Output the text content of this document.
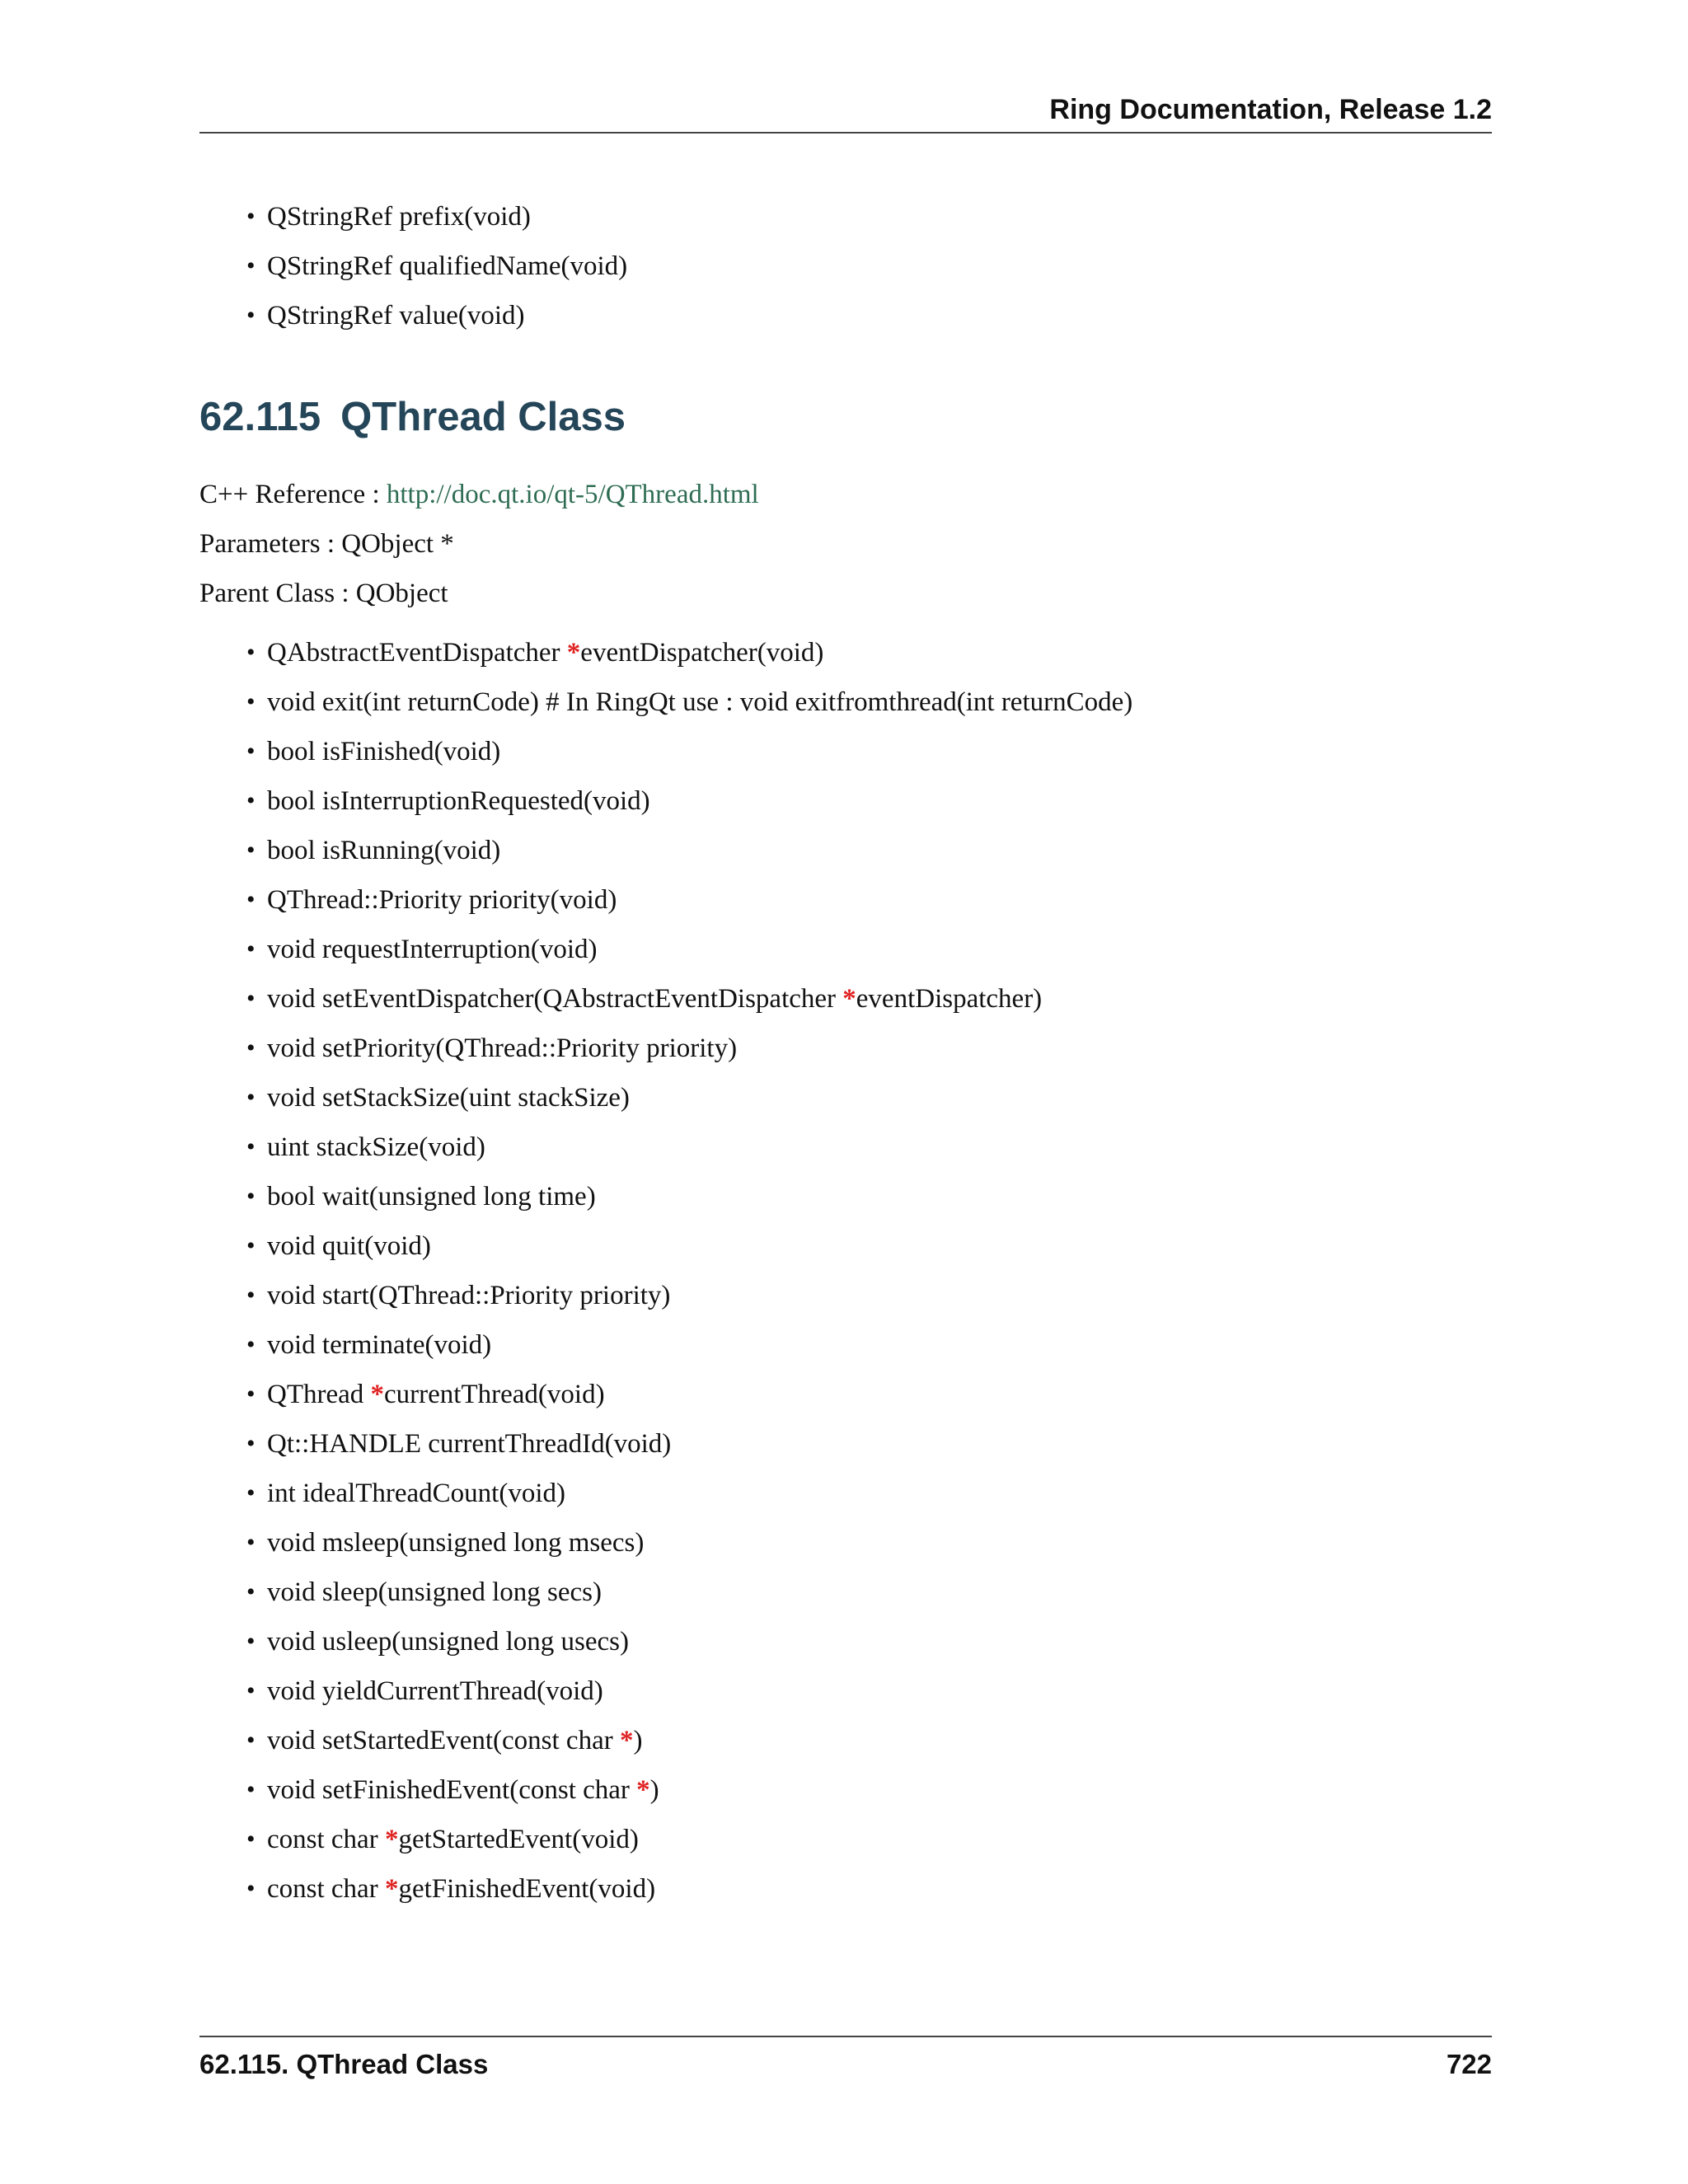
Ring Documentation, Release 1.2
• QStringRef prefix(void)
• QStringRef qualifiedName(void)
• QStringRef value(void)
62.115 QThread Class
C++ Reference : http://doc.qt.io/qt-5/QThread.html
Parameters : QObject *
Parent Class : QObject
• QAbstractEventDispatcher *eventDispatcher(void)
• void exit(int returnCode) # In RingQt use : void exitfromthread(int returnCode)
• bool isFinished(void)
• bool isInterruptionRequested(void)
• bool isRunning(void)
• QThread::Priority priority(void)
• void requestInterruption(void)
• void setEventDispatcher(QAbstractEventDispatcher *eventDispatcher)
• void setPriority(QThread::Priority priority)
• void setStackSize(uint stackSize)
• uint stackSize(void)
• bool wait(unsigned long time)
• void quit(void)
• void start(QThread::Priority priority)
• void terminate(void)
• QThread *currentThread(void)
• Qt::HANDLE currentThreadId(void)
• int idealThreadCount(void)
• void msleep(unsigned long msecs)
• void sleep(unsigned long secs)
• void usleep(unsigned long usecs)
• void yieldCurrentThread(void)
• void setStartedEvent(const char *)
• void setFinishedEvent(const char *)
• const char *getStartedEvent(void)
• const char *getFinishedEvent(void)
62.115. QThread Class	722
